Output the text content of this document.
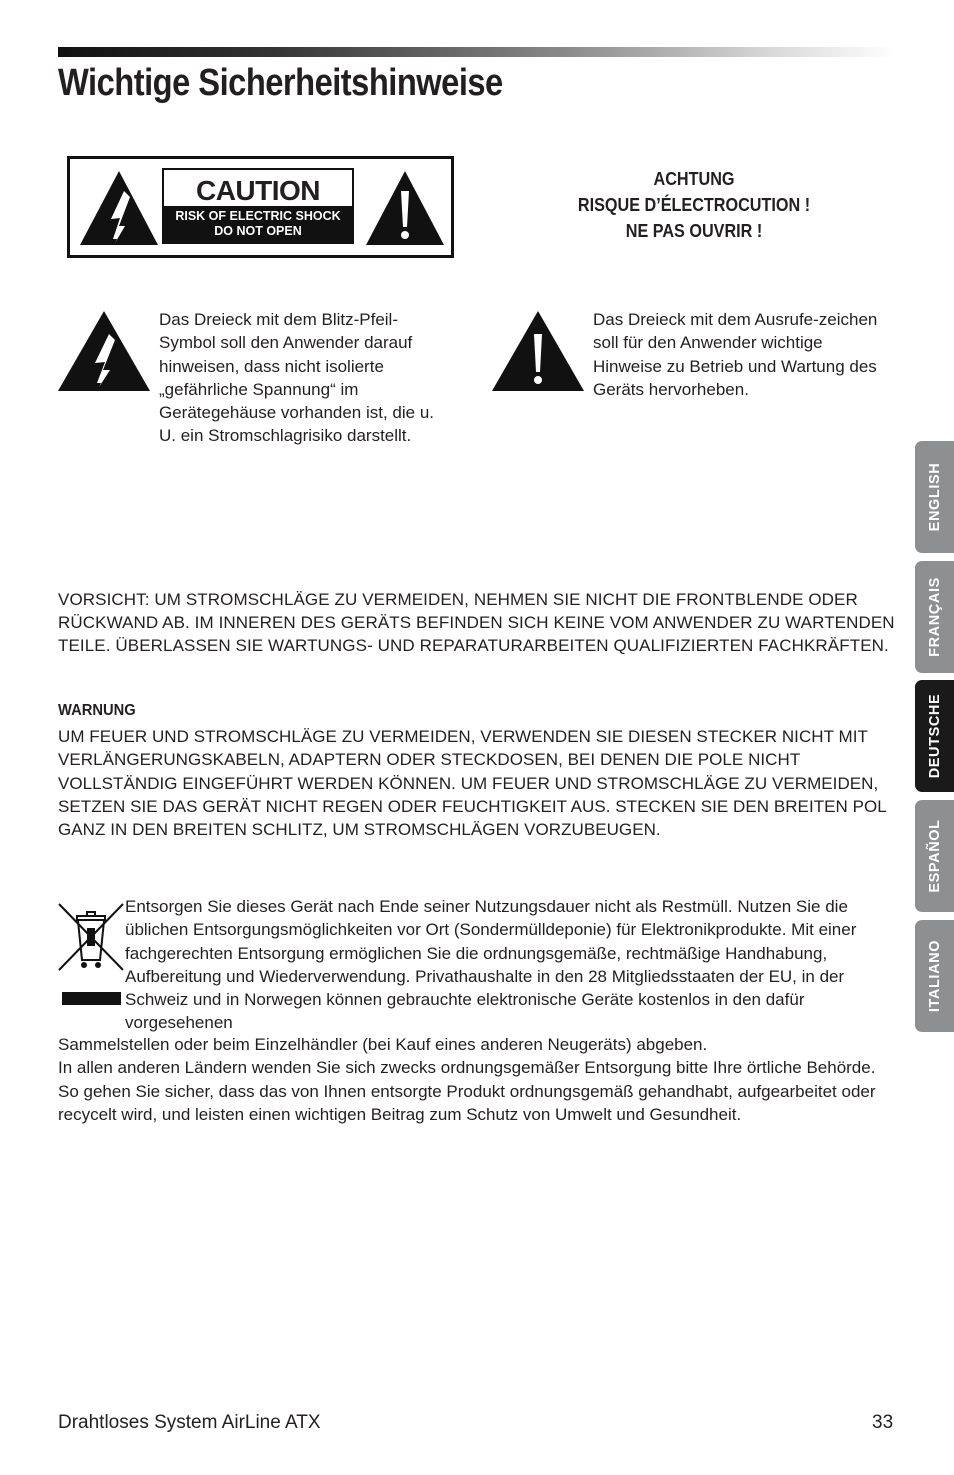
Wichtige Sicherheitshinweise
CAUTION
RISK OF ELECTRIC SHOCK
DO NOT OPEN
ACHTUNG
RISQUE D’ÉLECTROCUTION !
NE PAS OUVRIR !
Das Dreieck mit dem Blitz-Pfeil-Symbol soll den Anwender darauf hinweisen, dass nicht isolierte „gefährliche Spannung“ im Gerätegehäuse vorhanden ist, die u. U. ein Stromschlagrisiko darstellt.
Das Dreieck mit dem Ausrufe-zeichen soll für den Anwender wichtige Hinweise zu Betrieb und Wartung des Geräts hervorheben.
VORSICHT: UM STROMSCHLÄGE ZU VERMEIDEN, NEHMEN SIE NICHT DIE FRONTBLENDE ODER RÜCKWAND AB. IM INNEREN DES GERÄTS BEFINDEN SICH KEINE VOM ANWENDER ZU WARTENDEN TEILE. ÜBERLASSEN SIE WARTUNGS- UND REPARATURARBEITEN QUALIFIZIERTEN FACHKRÄFTEN.
WARNUNG
UM FEUER UND STROMSCHLÄGE ZU VERMEIDEN, VERWENDEN SIE DIESEN STECKER NICHT MIT VERLÄNGERUNGSKABELN, ADAPTERN ODER STECKDOSEN, BEI DENEN DIE POLE NICHT VOLLSTÄNDIG EINGEFÜHRT WERDEN KÖNNEN. UM FEUER UND STROMSCHLÄGE ZU VERMEIDEN, SETZEN SIE DAS GERÄT NICHT REGEN ODER FEUCHTIGKEIT AUS. STECKEN SIE DEN BREITEN POL GANZ IN DEN BREITEN SCHLITZ, UM STROMSCHLÄGEN VORZUBEUGEN.
Entsorgen Sie dieses Gerät nach Ende seiner Nutzungsdauer nicht als Restmüll. Nutzen Sie die üblichen Entsorgungsmöglichkeiten vor Ort (Sondermülldeponie) für Elektronikprodukte. Mit einer fachgerechten Entsorgung ermöglichen Sie die ordnungsgemäße, rechtmäßige Handhabung, Aufbereitung und Wiederverwendung. Privathaushalte in den 28 Mitgliedsstaaten der EU, in der Schweiz und in Norwegen können gebrauchte elektronische Geräte kostenlos in den dafür vorgesehenen

Sammelstellen oder beim Einzelhändler (bei Kauf eines anderen Neugeräts) abgeben.

In allen anderen Ländern wenden Sie sich zwecks ordnungsgemäßer Entsorgung bitte Ihre örtliche Behörde.

So gehen Sie sicher, dass das von Ihnen entsorgte Produkt ordnungsgemäß gehandhabt, aufgearbeitet oder recycelt wird, und leisten einen wichtigen Beitrag zum Schutz von Umwelt und Gesundheit.

ENGLISH
FRANÇAIS
DEUTSCHE
ESPAÑOL
ITALIANO
Drahtloses System AirLine ATX	33
